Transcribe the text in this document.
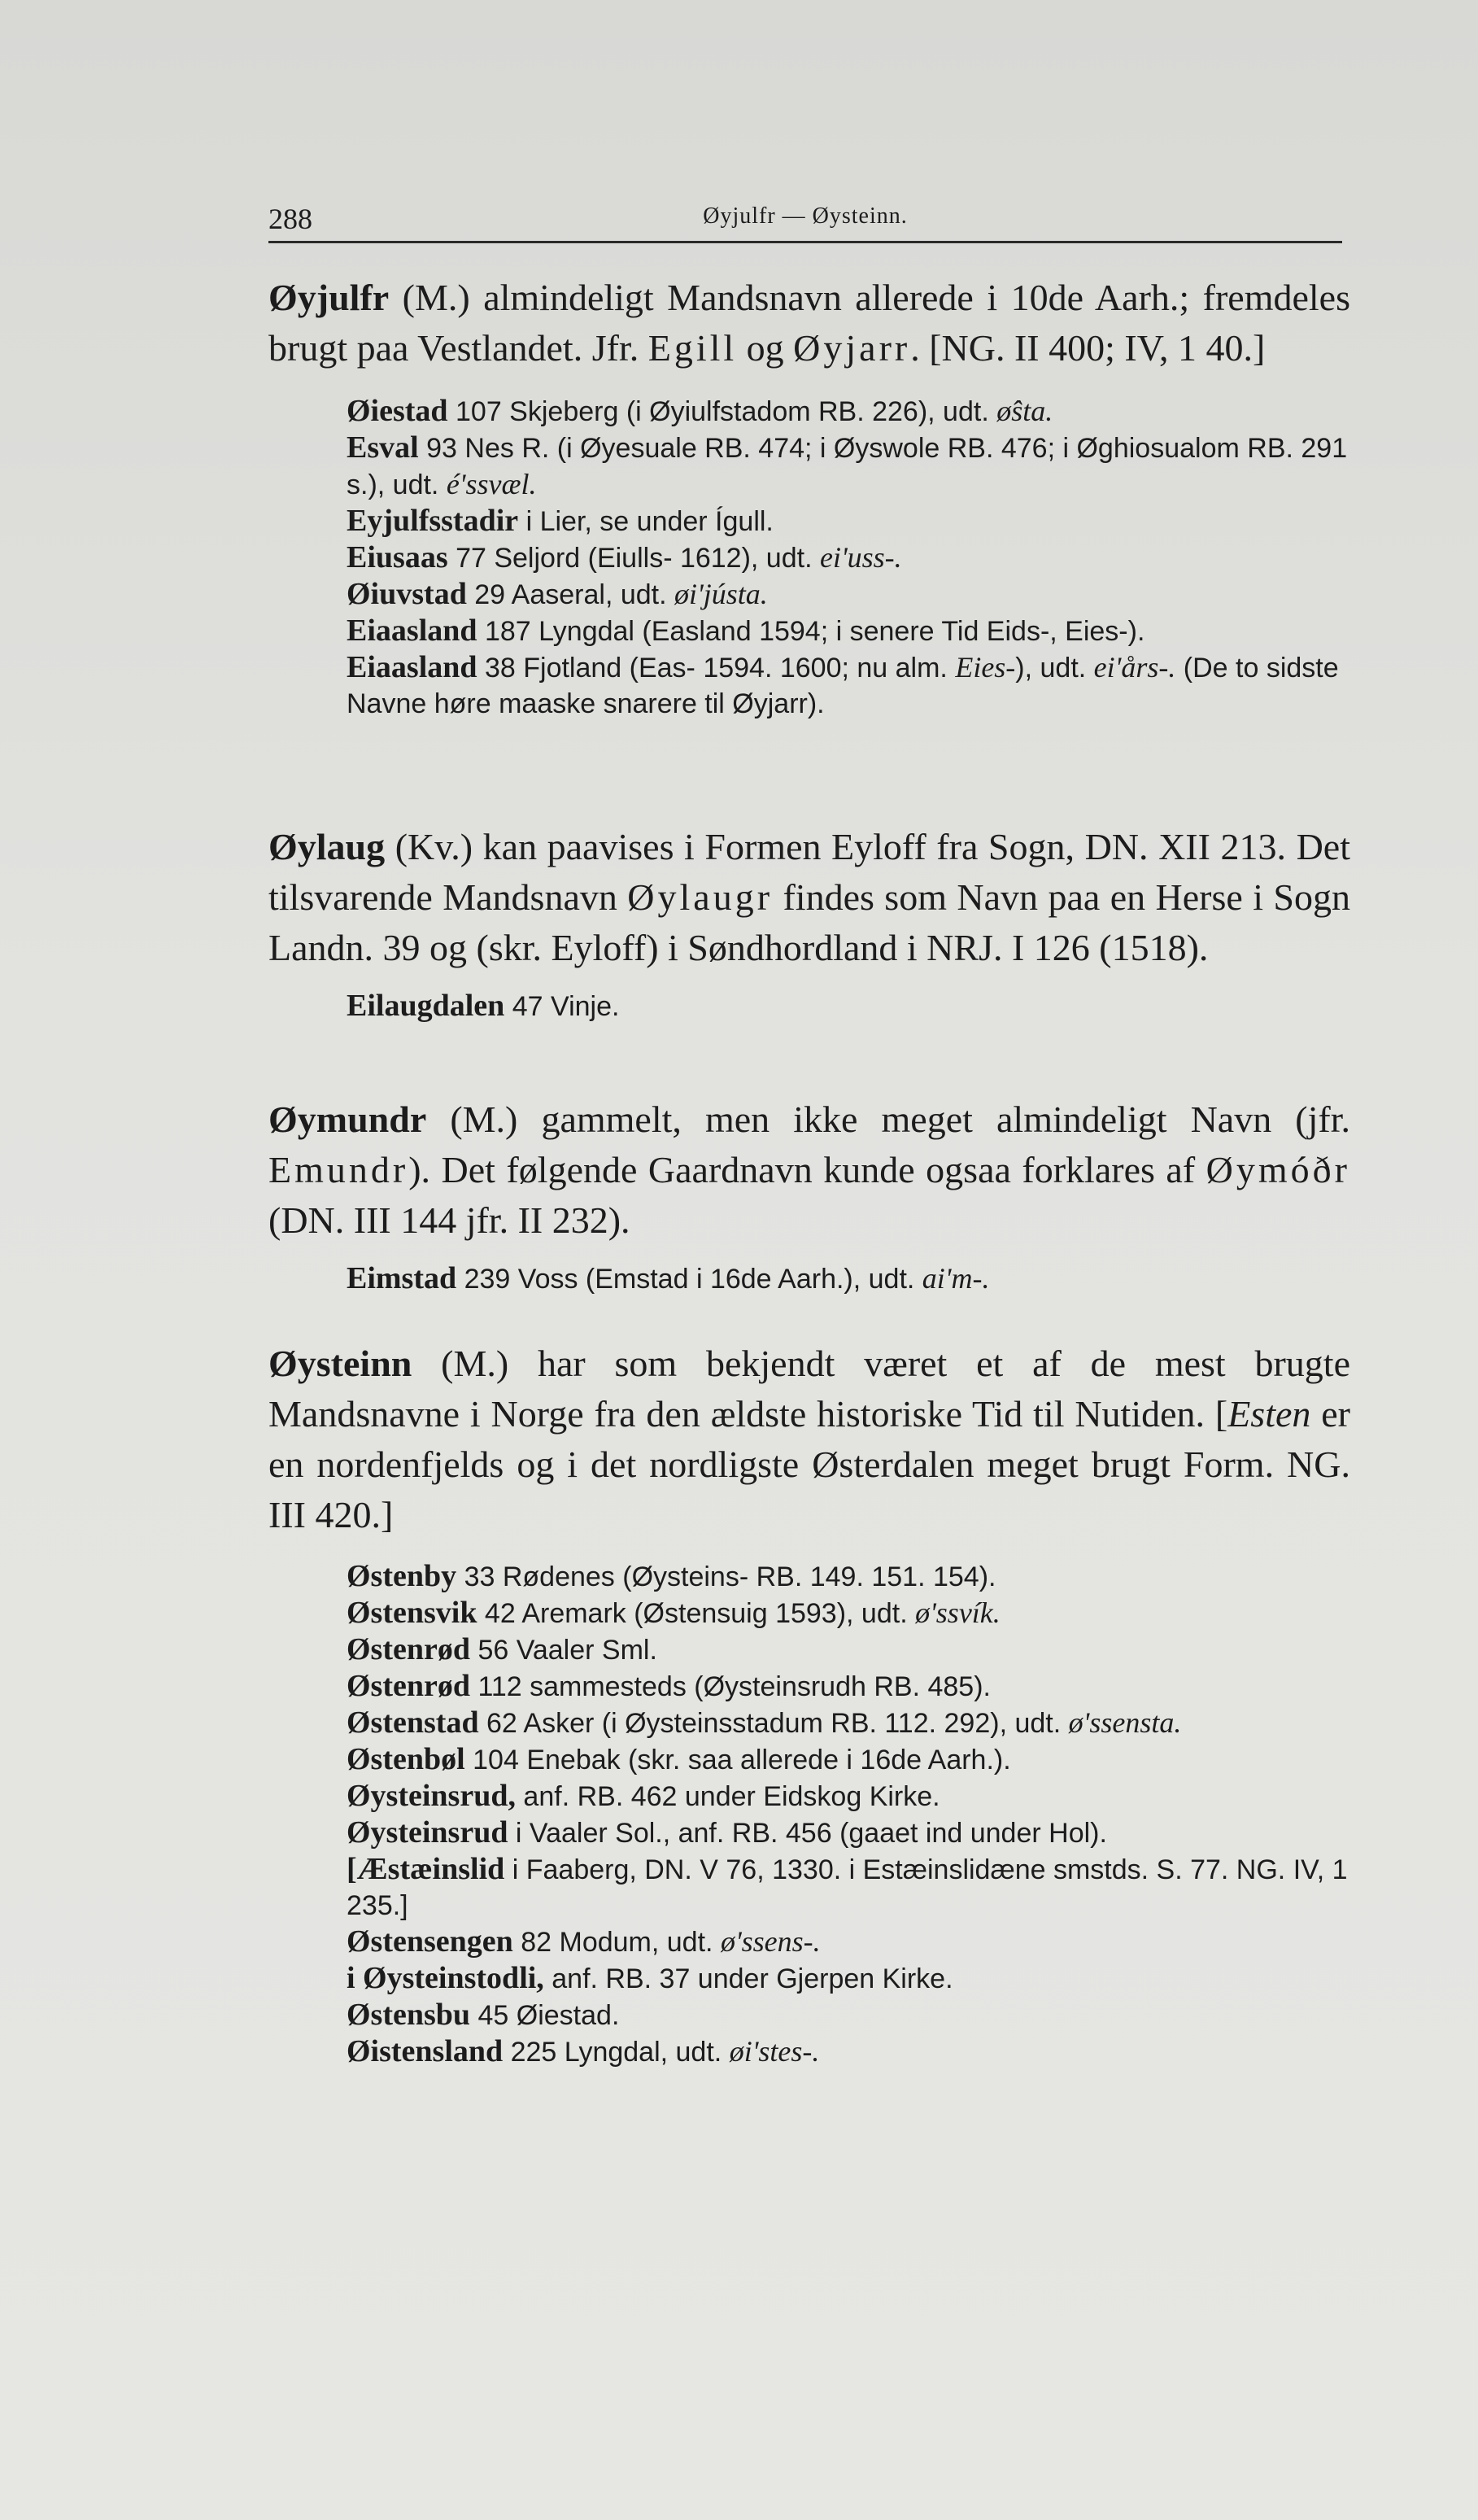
288	Øyjulfr — Øysteinn.

Øyjulfr (M.) almindeligt Mandsnavn allerede i 10de Aarh.; fremdeles brugt paa Vestlandet. Jfr. Egill og Øyjarr. [NG. II 400; IV, 1 40.]

Øiestad 107 Skjeberg (i Øyiulfstadom RB. 226), udt. ø̂sta.

Esval 93 Nes R. (i Øyesuale RB. 474; i Øyswole RB. 476; i Øghiosualom RB. 291 s.), udt. é'ssvæl.

Eyjulfsstadir i Lier, se under Ígull.

Eiusaas 77 Seljord (Eiulls- 1612), udt. ei'uss-.

Øiuvstad 29 Aaseral, udt. øi'jústa.

Eiaasland 187 Lyngdal (Easland 1594; i senere Tid Eids-, Eies-).

Eiaasland 38 Fjotland (Eas- 1594. 1600; nu alm. Eies-), udt. ei'års-. (De to sidste Navne høre maaske snarere til Øyjarr).

Øylaug (Kv.) kan paavises i Formen Eyloff fra Sogn, DN. XII 213. Det tilsvarende Mandsnavn Øylaugr findes som Navn paa en Herse i Sogn Landn. 39 og (skr. Eyloff) i Søndhordland i NRJ. I 126 (1518).

Eilaugdalen 47 Vinje.

Øymundr (M.) gammelt, men ikke meget almindeligt Navn (jfr. Emundr). Det følgende Gaardnavn kunde ogsaa forklares af Øymóðr (DN. III 144 jfr. II 232).

Eimstad 239 Voss (Emstad i 16de Aarh.), udt. ai'm-.

Øysteinn (M.) har som bekjendt været et af de mest brugte Mandsnavne i Norge fra den ældste historiske Tid til Nutiden. [Esten er en nordenfjelds og i det nordligste Østerdalen meget brugt Form. NG. III 420.]

Østenby 33 Rødenes (Øysteins- RB. 149. 151. 154).

Østensvik 42 Aremark (Østensuig 1593), udt. ø'ssvík.

Østenrød 56 Vaaler Sml.

Østenrød 112 sammesteds (Øysteinsrudh RB. 485).

Østenstad 62 Asker (i Øysteinsstadum RB. 112. 292), udt. ø'ssensta.

Østenbøl 104 Enebak (skr. saa allerede i 16de Aarh.).

Øysteinsrud, anf. RB. 462 under Eidskog Kirke.

Øysteinsrud i Vaaler Sol., anf. RB. 456 (gaaet ind under Hol).

[Æstæinslid i Faaberg, DN. V 76, 1330. i Estæinslidæne smstds. S. 77. NG. IV, 1 235.]

Østensengen 82 Modum, udt. ø'ssens-.

i Øysteinstodli, anf. RB. 37 under Gjerpen Kirke.

Østensbu 45 Øiestad.

Øistensland 225 Lyngdal, udt. øi'stes-.
